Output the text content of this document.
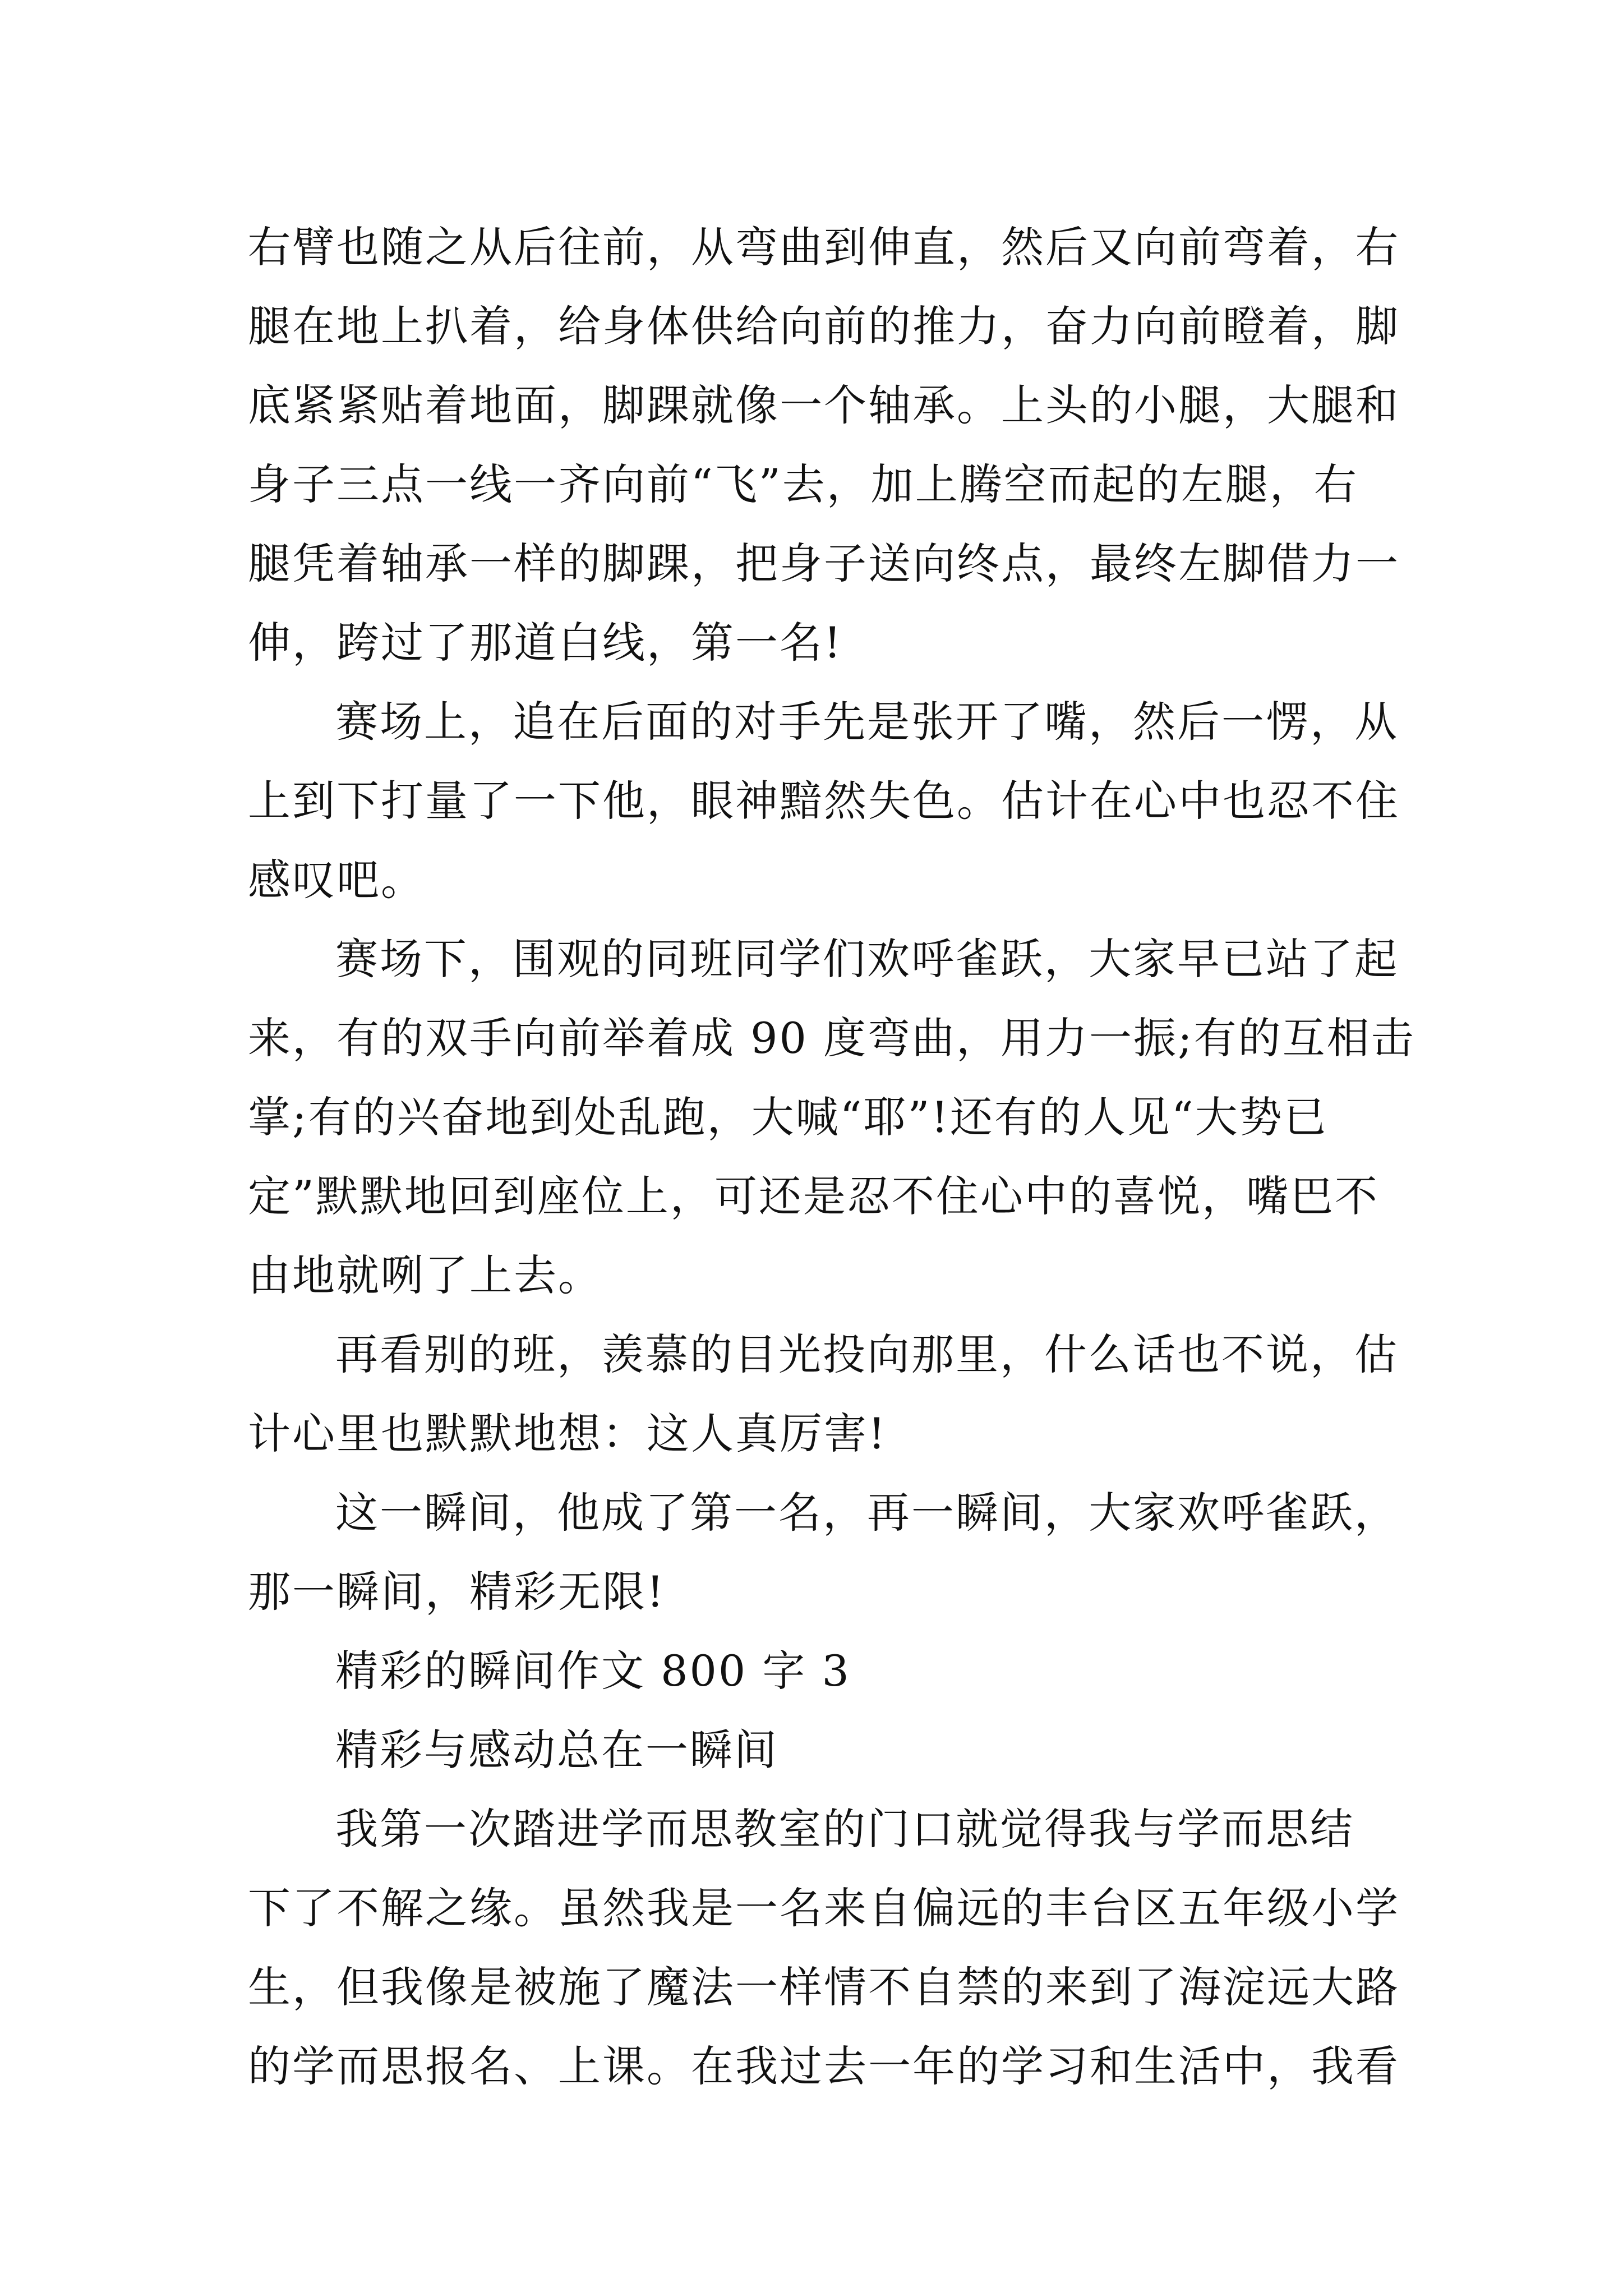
右臂也随之从后往前，从弯曲到伸直，然后又向前弯着，右
腿在地上扒着，给身体供给向前的推力，奋力向前瞪着，脚
底紧紧贴着地面，脚踝就像一个轴承。上头的小腿，大腿和
身子三点一线一齐向前“飞”去，加上腾空而起的左腿，右
腿凭着轴承一样的脚踝，把身子送向终点，最终左脚借力一
伸，跨过了那道白线，第一名!
赛场上，追在后面的对手先是张开了嘴，然后一愣，从
上到下打量了一下他，眼神黯然失色。估计在心中也忍不住
感叹吧。
赛场下，围观的同班同学们欢呼雀跃，大家早已站了起
来，有的双手向前举着成 90 度弯曲，用力一振;有的互相击
掌;有的兴奋地到处乱跑，大喊“耶”!还有的人见“大势已
定”默默地回到座位上，可还是忍不住心中的喜悦，嘴巴不
由地就咧了上去。
再看别的班，羡慕的目光投向那里，什么话也不说，估
计心里也默默地想：这人真厉害!
这一瞬间，他成了第一名，再一瞬间，大家欢呼雀跃，
那一瞬间，精彩无限!
精彩的瞬间作文 800 字 3
精彩与感动总在一瞬间
我第一次踏进学而思教室的门口就觉得我与学而思结
下了不解之缘。虽然我是一名来自偏远的丰台区五年级小学
生，但我像是被施了魔法一样情不自禁的来到了海淀远大路
的学而思报名、上课。在我过去一年的学习和生活中，我看
